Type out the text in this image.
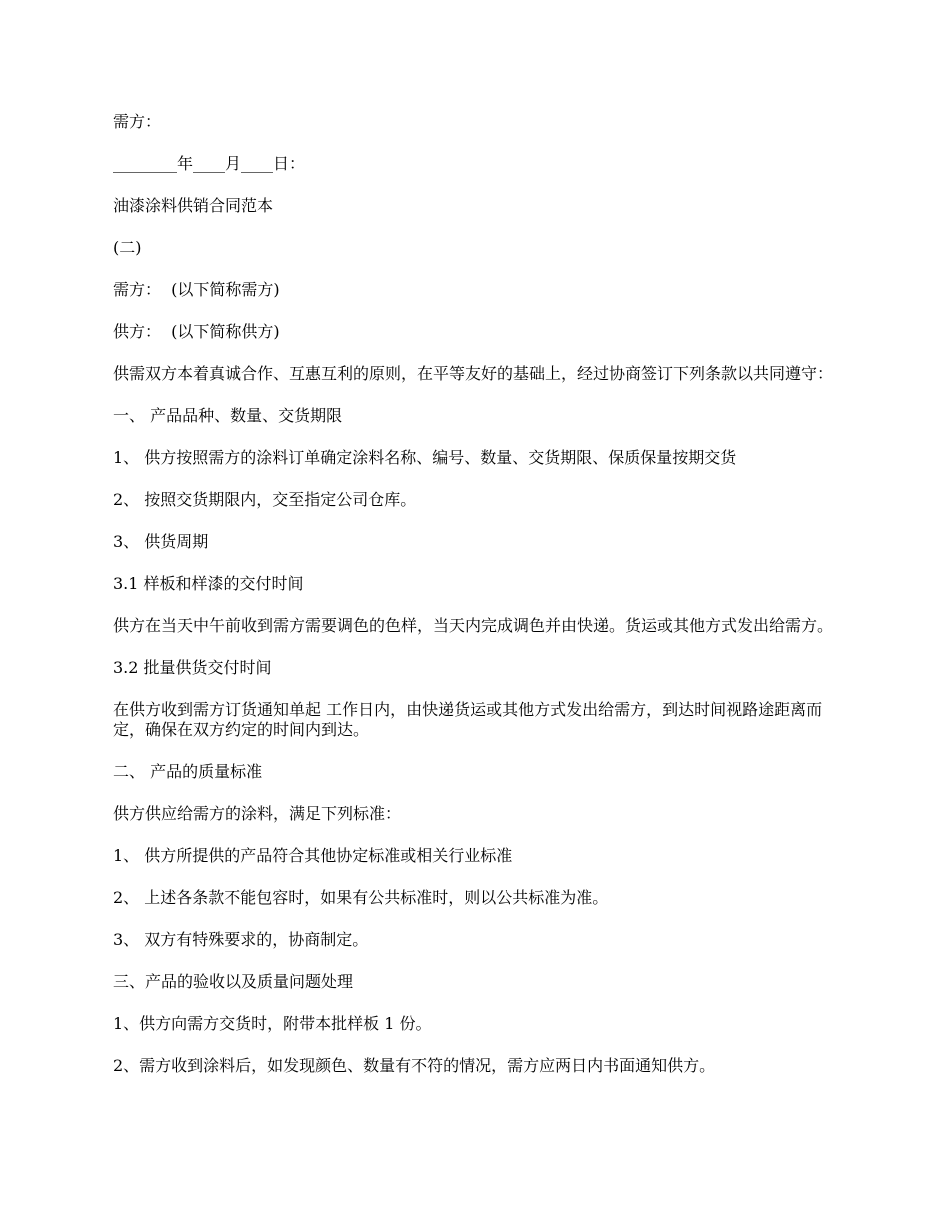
需方：

________年____月____日：

油漆涂料供销合同范本

(二)

需方：  (以下简称需方)

供方：  (以下简称供方)

供需双方本着真诚合作、互惠互利的原则，在平等友好的基础上，经过协商签订下列条款以共同遵守：

一、 产品品种、数量、交货期限

1、 供方按照需方的涂料订单确定涂料名称、编号、数量、交货期限、保质保量按期交货

2、 按照交货期限内，交至指定公司仓库。

3、 供货周期

3.1 样板和样漆的交付时间

供方在当天中午前收到需方需要调色的色样，当天内完成调色并由快递。货运或其他方式发出给需方。

3.2 批量供货交付时间

在供方收到需方订货通知单起 工作日内，由快递货运或其他方式发出给需方，到达时间视路途距离而定，确保在双方约定的时间内到达。

二、 产品的质量标准

供方供应给需方的涂料，满足下列标准：

1、 供方所提供的产品符合其他协定标准或相关行业标准

2、 上述各条款不能包容时，如果有公共标准时，则以公共标准为准。

3、 双方有特殊要求的，协商制定。

三、产品的验收以及质量问题处理

1、供方向需方交货时，附带本批样板 1 份。

2、需方收到涂料后，如发现颜色、数量有不符的情况，需方应两日内书面通知供方。
